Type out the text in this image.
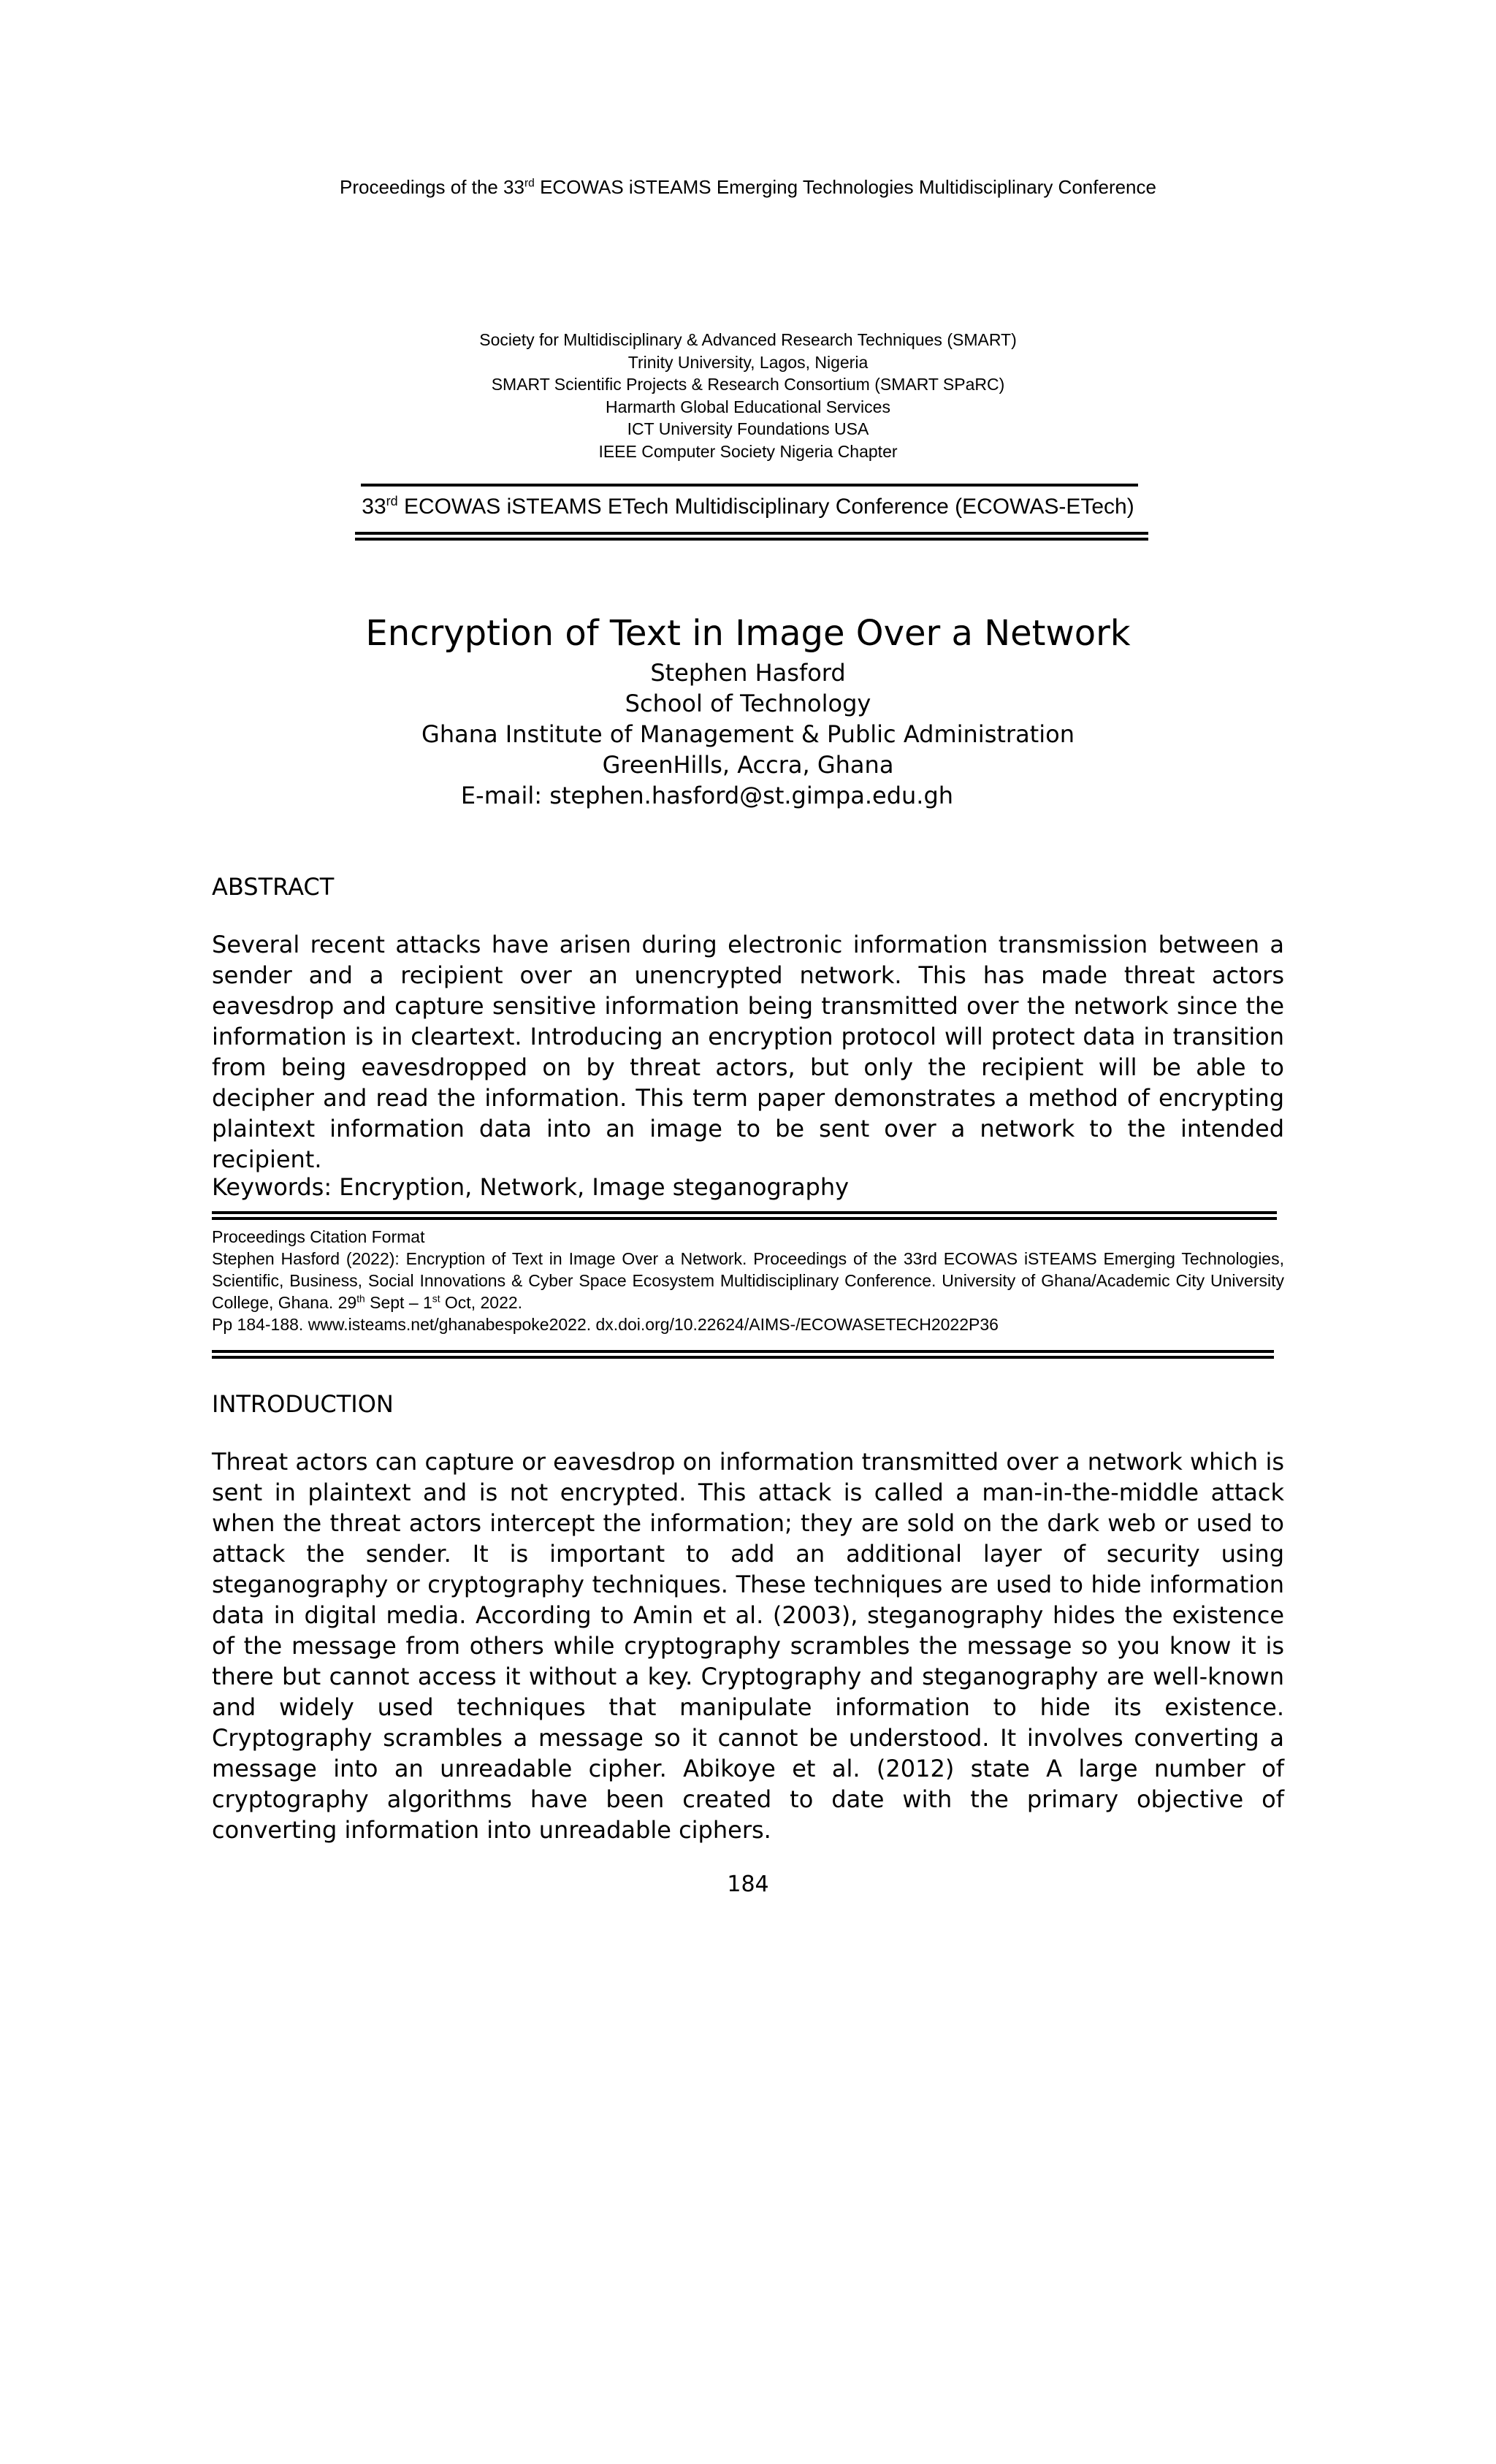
Proceedings of the 33rd ECOWAS iSTEAMS Emerging Technologies Multidisciplinary Conference
Society for Multidisciplinary & Advanced Research Techniques (SMART)
Trinity University, Lagos, Nigeria
SMART Scientific Projects & Research Consortium (SMART SPaRC)
Harmarth Global Educational Services
ICT University Foundations USA
IEEE Computer Society Nigeria Chapter
33rd ECOWAS iSTEAMS ETech Multidisciplinary Conference (ECOWAS-ETech)
Encryption of Text in Image Over a Network
Stephen Hasford
School of Technology
Ghana Institute of Management & Public Administration
GreenHills, Accra, Ghana
E-mail: stephen.hasford@st.gimpa.edu.gh
ABSTRACT
Several recent attacks have arisen during electronic information transmission between a sender and a recipient over an unencrypted network. This has made threat actors eavesdrop and capture sensitive information being transmitted over the network since the information is in cleartext. Introducing an encryption protocol will protect data in transition from being eavesdropped on by threat actors, but only the recipient will be able to decipher and read the information. This term paper demonstrates a method of encrypting plaintext information data into an image to be sent over a network to the intended recipient.
Keywords: Encryption, Network, Image steganography
Proceedings Citation Format
Stephen Hasford (2022): Encryption of Text in Image Over a Network. Proceedings of the 33rd ECOWAS iSTEAMS Emerging Technologies, Scientific, Business, Social Innovations & Cyber Space Ecosystem Multidisciplinary Conference. University of Ghana/Academic City University College, Ghana. 29th Sept – 1st Oct, 2022.
Pp 184-188. www.isteams.net/ghanabespoke2022. dx.doi.org/10.22624/AIMS-/ECOWASETECH2022P36
INTRODUCTION
Threat actors can capture or eavesdrop on information transmitted over a network which is sent in plaintext and is not encrypted. This attack is called a man-in-the-middle attack when the threat actors intercept the information; they are sold on the dark web or used to attack the sender. It is important to add an additional layer of security using steganography or cryptography techniques. These techniques are used to hide information data in digital media. According to Amin et al. (2003), steganography hides the existence of the message from others while cryptography scrambles the message so you know it is there but cannot access it without a key. Cryptography and steganography are well-known and widely used techniques that manipulate information to hide its existence. Cryptography scrambles a message so it cannot be understood. It involves converting a message into an unreadable cipher. Abikoye et al. (2012) state A large number of cryptography algorithms have been created to date with the primary objective of converting information into unreadable ciphers.
184
